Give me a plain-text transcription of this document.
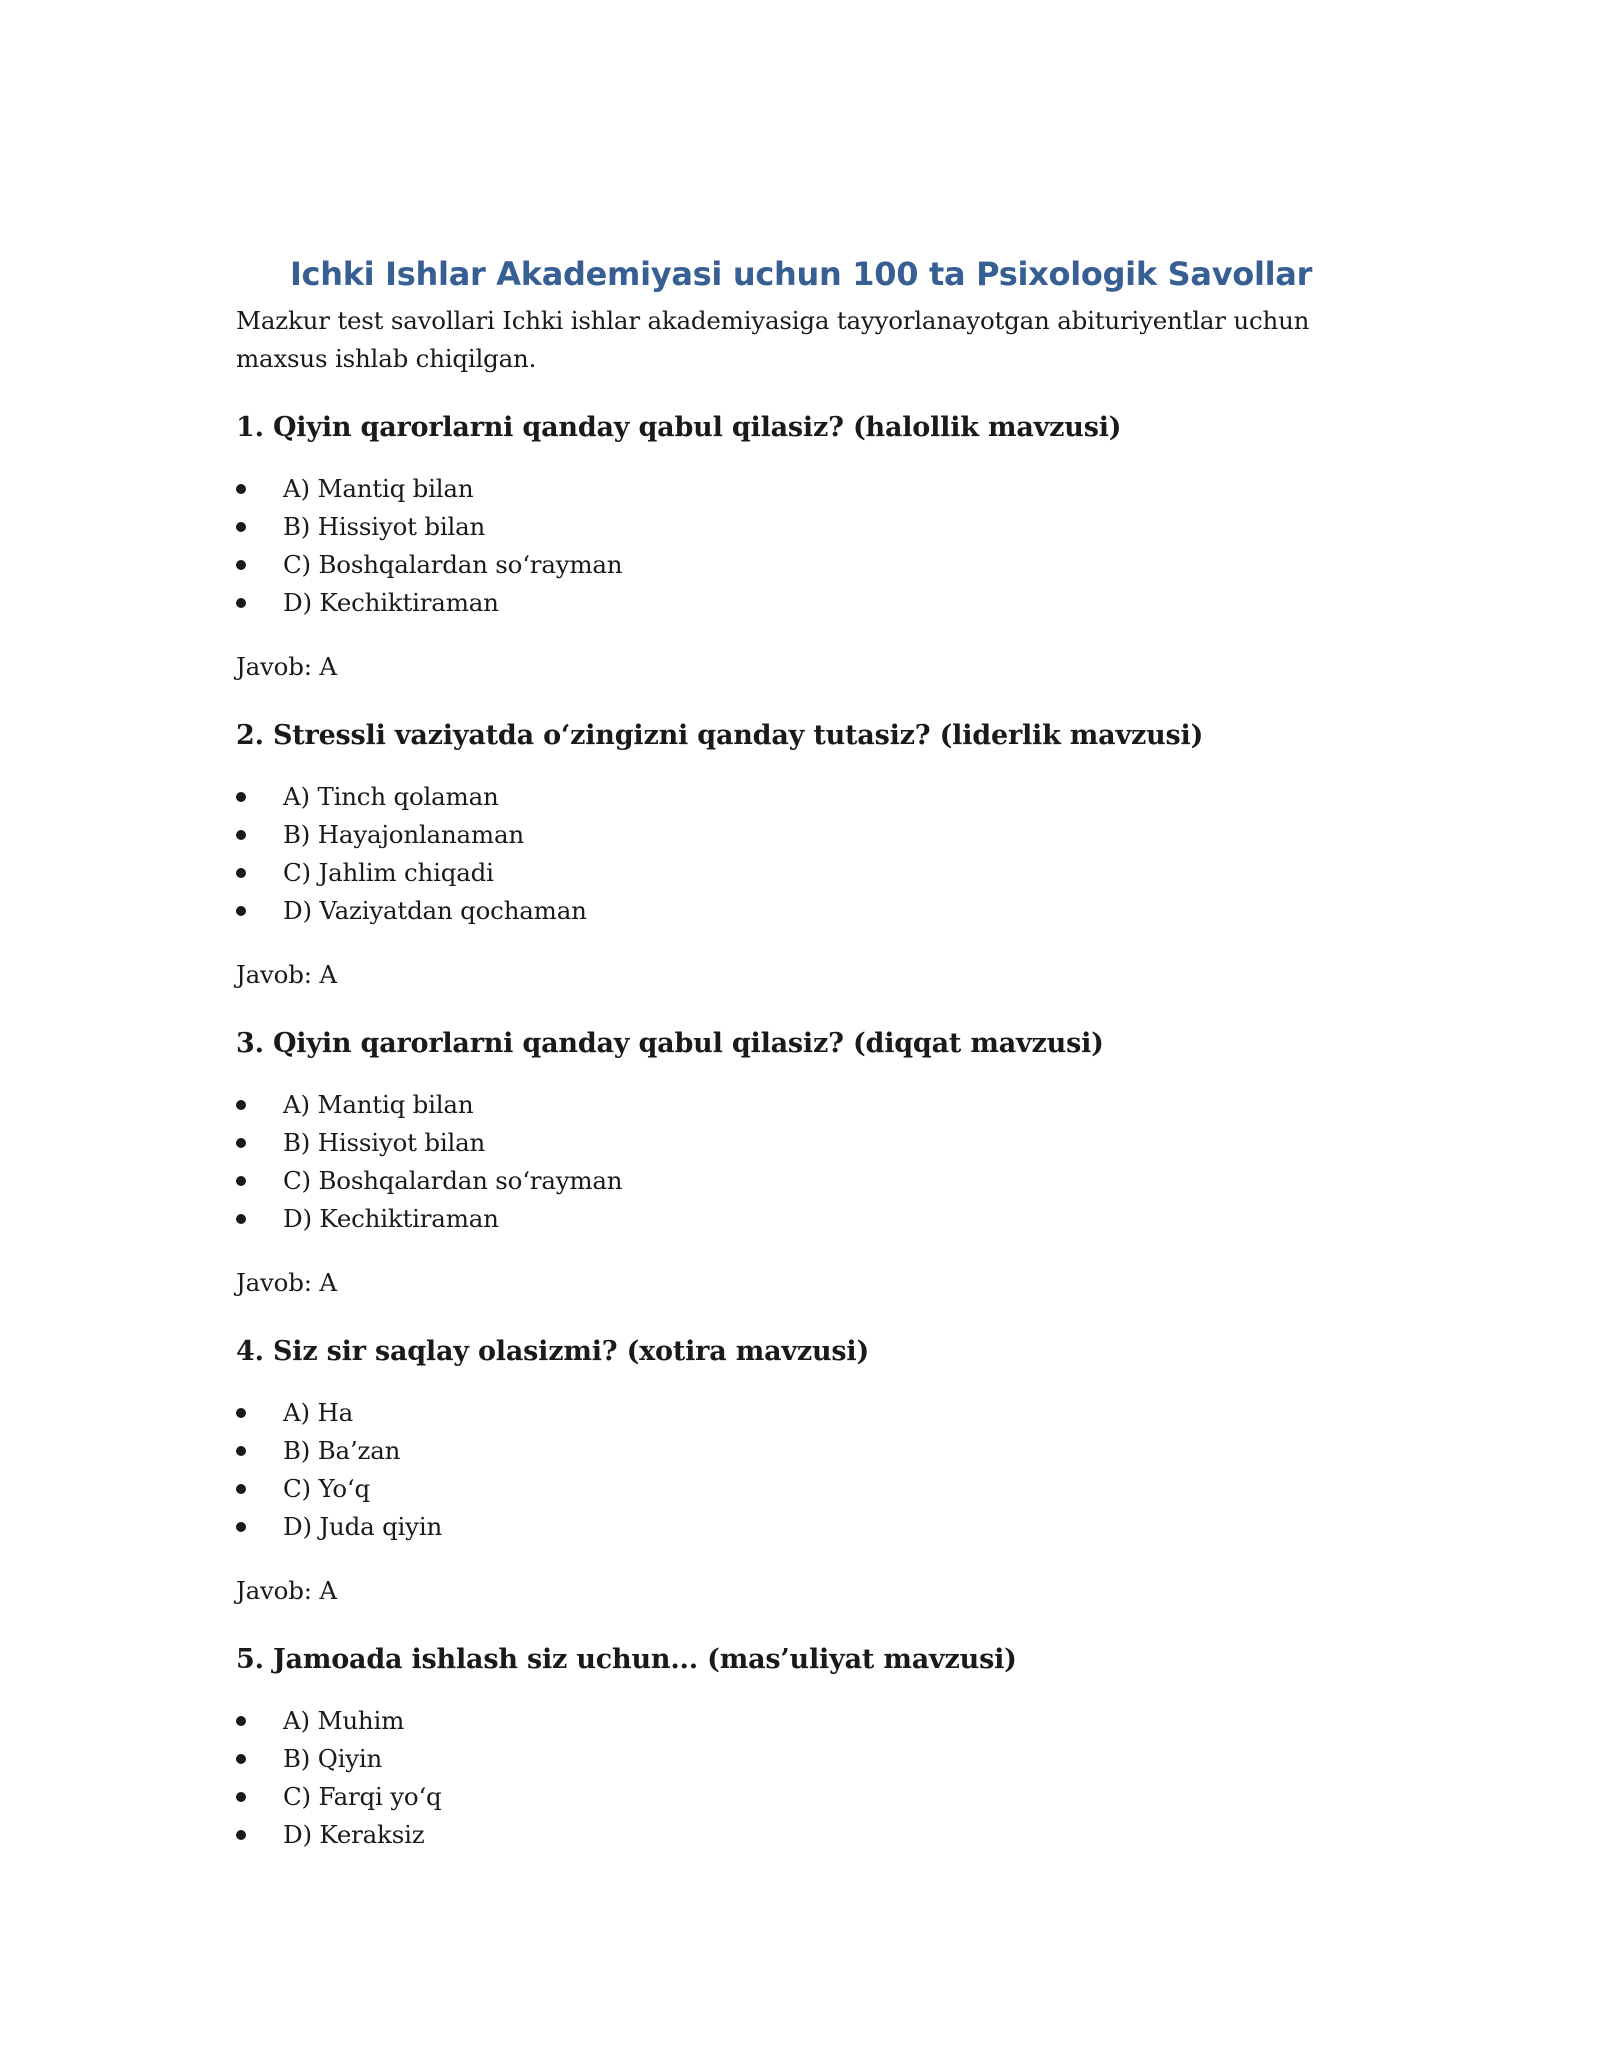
Ichki Ishlar Akademiyasi uchun 100 ta Psixologik Savollar

Mazkur test savollari Ichki ishlar akademiyasiga tayyorlanayotgan abituriyentlar uchun maxsus ishlab chiqilgan.

1. Qiyin qarorlarni qanday qabul qilasiz? (halollik mavzusi)

A) Mantiq bilan
B) Hissiyot bilan
C) Boshqalardan so‘rayman
D) Kechiktiraman

Javob: A

2. Stressli vaziyatda o‘zingizni qanday tutasiz? (liderlik mavzusi)

A) Tinch qolaman
B) Hayajonlanaman
C) Jahlim chiqadi
D) Vaziyatdan qochaman

Javob: A

3. Qiyin qarorlarni qanday qabul qilasiz? (diqqat mavzusi)

A) Mantiq bilan
B) Hissiyot bilan
C) Boshqalardan so‘rayman
D) Kechiktiraman

Javob: A

4. Siz sir saqlay olasizmi? (xotira mavzusi)

A) Ha
B) Ba’zan
C) Yo‘q
D) Juda qiyin

Javob: A

5. Jamoada ishlash siz uchun... (mas’uliyat mavzusi)

A) Muhim
B) Qiyin
C) Farqi yo‘q
D) Keraksiz
